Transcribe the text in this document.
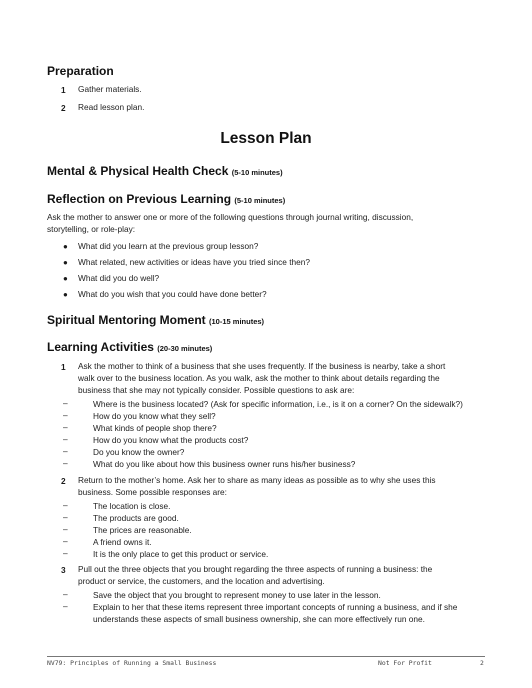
Preparation
1 Gather materials.
2 Read lesson plan.
Lesson Plan
Mental & Physical Health Check (5-10 minutes)
Reflection on Previous Learning (5-10 minutes)
Ask the mother to answer one or more of the following questions through journal writing, discussion,
storytelling, or role-play:
● What did you learn at the previous group lesson?
● What related, new activities or ideas have you tried since then?
● What did you do well?
● What do you wish that you could have done better?
Spiritual Mentoring Moment (10-15 minutes)
Learning Activities (20-30 minutes)
1 Ask the mother to think of a business that she uses frequently. If the business is nearby, take a short
walk over to the business location. As you walk, ask the mother to think about details regarding the
business that she may not typically consider. Possible questions to ask are:
–	Where is the business located? (Ask for specific information, i.e., is it on a corner? On the sidewalk?)
–	How do you know what they sell?
–	What kinds of people shop there?
–	How do you know what the products cost?
–	Do you know the owner?
–	What do you like about how this business owner runs his/her business?
2 Return to the mother’s home. Ask her to share as many ideas as possible as to why she uses this
business. Some possible responses are:
–	The location is close.
–	The products are good.
–	The prices are reasonable.
–	A friend owns it.
–	It is the only place to get this product or service.
3 Pull out the three objects that you brought regarding the three aspects of running a business: the
product or service, the customers, and the location and advertising.
–	Save the object that you brought to represent money to use later in the lesson.
–	Explain to her that these items represent three important concepts of running a business, and if she
understands these aspects of small business ownership, she can more effectively run one.
NV79: Principles of Running a Small Business	Not For Profit	2
